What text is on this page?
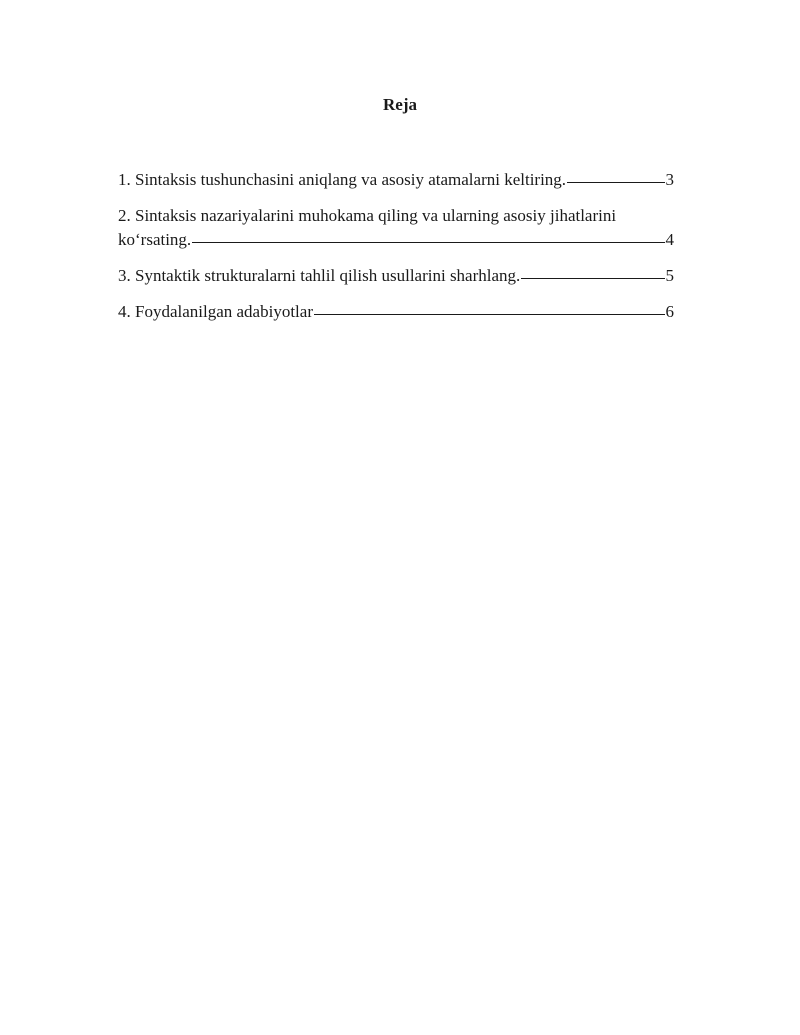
Reja
1. Sintaksis tushunchasini aniqlang va asosiy atamalarni keltiring.	3
2. Sintaksis nazariyalarini muhokama qiling va ularning asosiy jihatlarini
koʻrsating.	4
3. Syntaktik strukturalarni tahlil qilish usullarini sharhlang.	5
4. Foydalanilgan adabiyotlar	6
